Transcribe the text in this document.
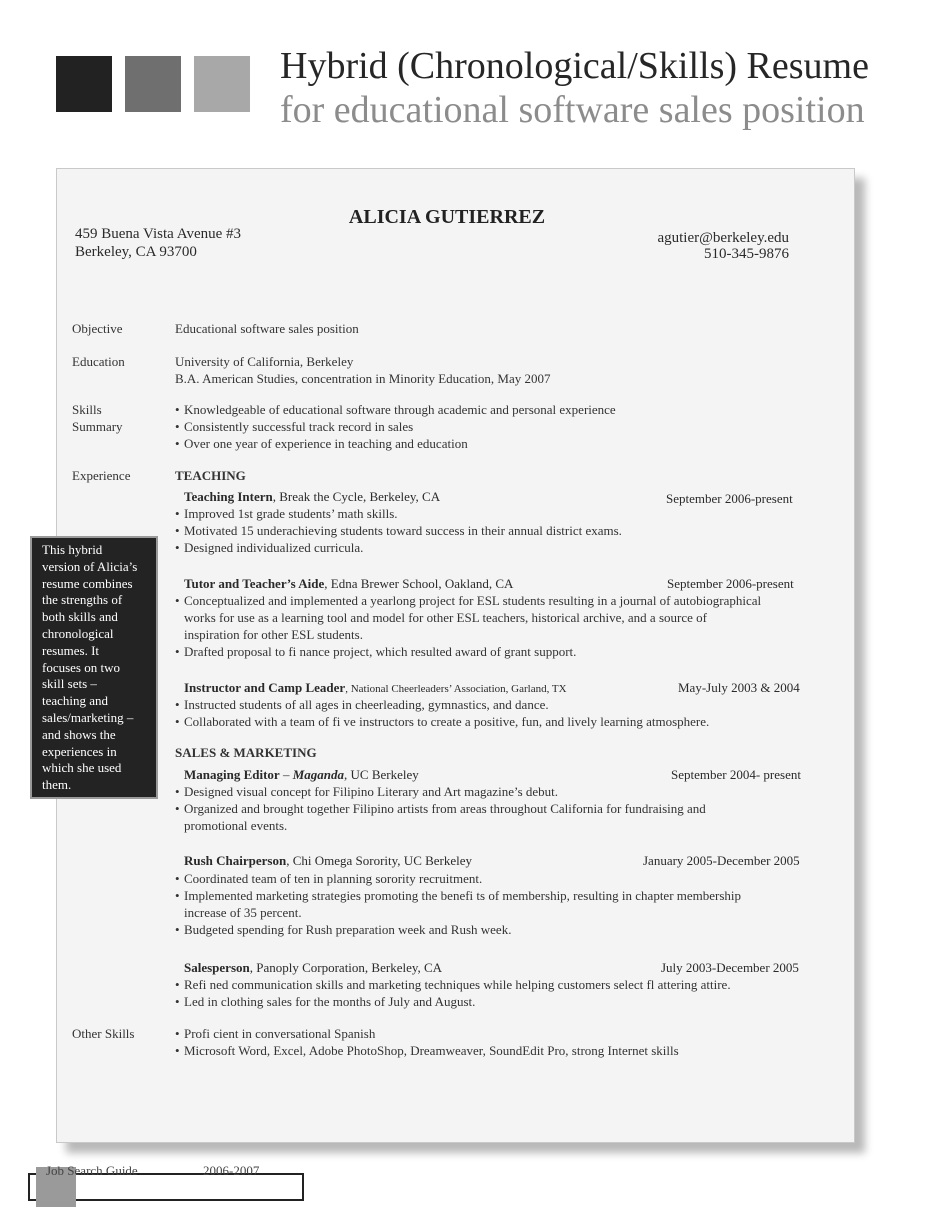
Hybrid (Chronological/Skills) Resume
for educational software sales position
ALICIA GUTIERREZ
459 Buena Vista Avenue #3
Berkeley, CA 93700
agutier@berkeley.edu
510-345-9876
Objective	Educational software sales position
Education	University of California, Berkeley
B.A. American Studies, concentration in Minority Education, May 2007
Skills
Summary
• Knowledgeable of educational software through academic and personal experience
• Consistently successful track record in sales
• Over one year of experience in teaching and education
Experience	TEACHING
Teaching Intern, Break the Cycle, Berkeley, CA	September 2006-present
• Improved 1st grade students’ math skills.
• Motivated 15 underachieving students toward success in their annual district exams.
• Designed individualized curricula.
Tutor and Teacher’s Aide, Edna Brewer School, Oakland, CA	September 2006-present
• Conceptualized and implemented a yearlong project for ESL students resulting in a journal of autobiographical
works for use as a learning tool and model for other ESL teachers, historical archive, and a source of
inspiration for other ESL students.
• Drafted proposal to fi nance project, which resulted award of grant support.
Instructor and Camp Leader, National Cheerleaders’ Association, Garland, TX	May-July 2003 & 2004
• Instructed students of all ages in cheerleading, gymnastics, and dance.
• Collaborated with a team of fi ve instructors to create a positive, fun, and lively learning atmosphere.
SALES & MARKETING
Managing Editor – Maganda, UC Berkeley	September 2004- present
• Designed visual concept for Filipino Literary and Art magazine’s debut.
• Organized and brought together Filipino artists from areas throughout California for fundraising and
promotional events.
Rush Chairperson, Chi Omega Sorority, UC Berkeley	January 2005-December 2005
• Coordinated team of ten in planning sorority recruitment.
• Implemented marketing strategies promoting the benefi ts of membership, resulting in chapter membership
increase of 35 percent.
• Budgeted spending for Rush preparation week and Rush week.
Salesperson, Panoply Corporation, Berkeley, CA	July 2003-December 2005
• Refi ned communication skills and marketing techniques while helping customers select fl attering attire.
• Led in clothing sales for the months of July and August.
Other Skills
•	Profi cient in conversational Spanish
• Microsoft Word, Excel, Adobe PhotoShop, Dreamweaver, SoundEdit Pro, strong Internet skills
This hybrid
version of Alicia’s
resume combines
the strengths of
both skills and
chronological
resumes. It
focuses on two
skill sets –
teaching and
sales/marketing –
and shows the
experiences in
which she used
them.
Job Search Guide	2006-2007
